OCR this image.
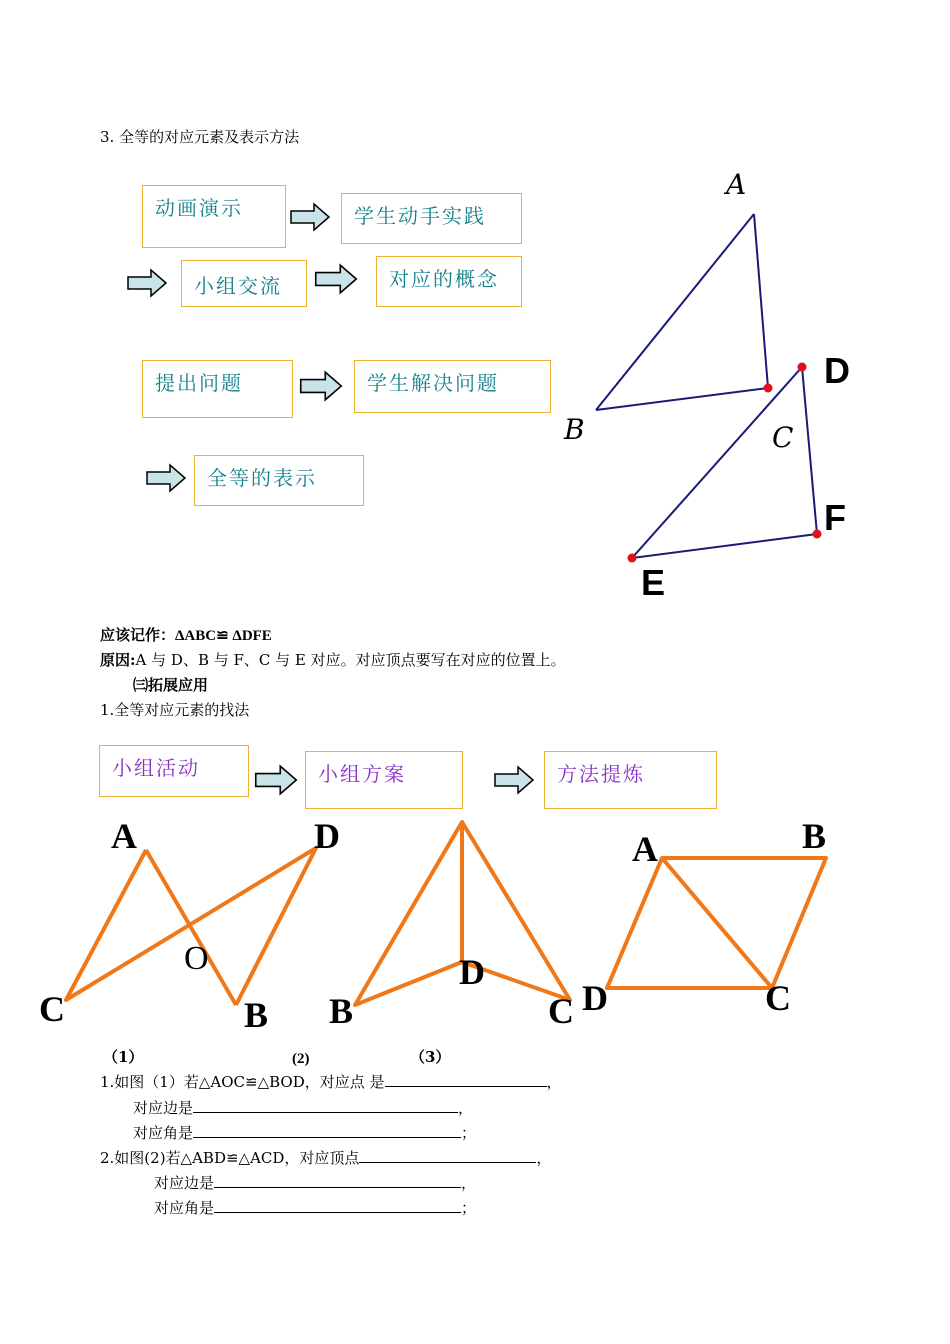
3. 全等的对应元素及表示方法
动画演示	学生动手实践
小组交流	对应的概念
提出问题	学生解决问题
全等的表示
A
B	C
D
F
E
应该记作：ΔABC≌ ΔDFE
原因:A 与 D、B 与 F、C 与 E 对应。对应顶点要写在对应的位置上。
㈢拓展应用
1.全等对应元素的找法
小组活动	小组方案	方法提炼
A	D
O
C	B
D
B	C
A	B
D	C
（1）	(2)	（3）
1.如图（1）若△AOC≌△BOD，对应点 是	，
对应边是	，
对应角是	；
2.如图(2)若△ABD≌△ACD，对应顶点	，
对应边是	，
对应角是	；
